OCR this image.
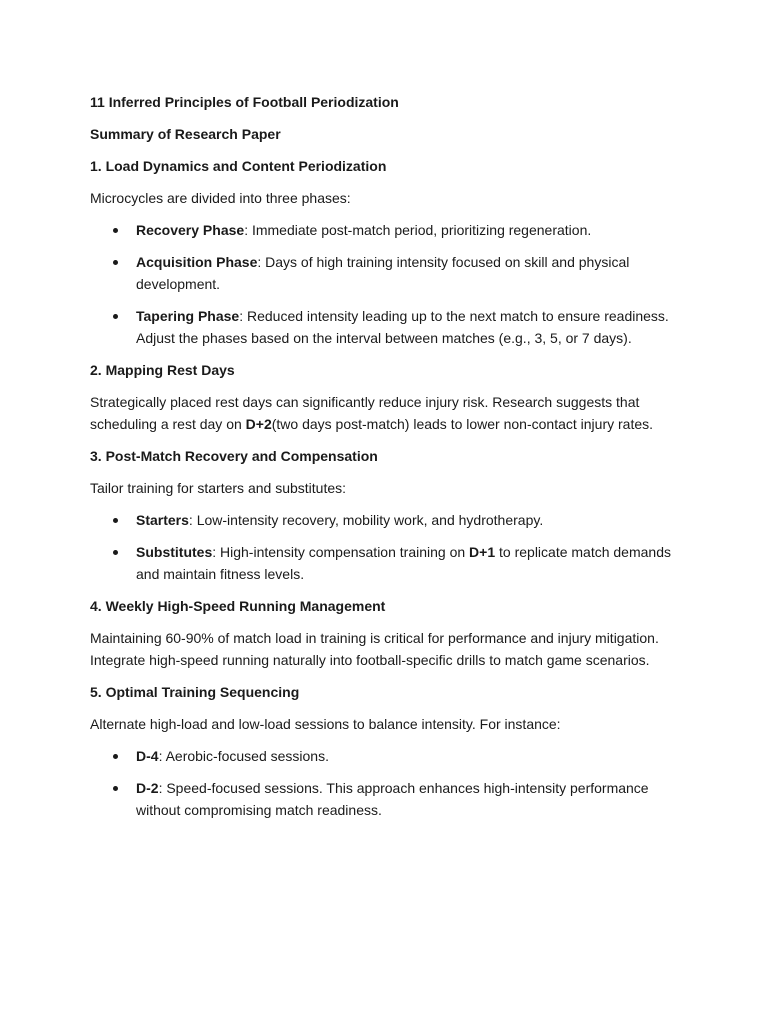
11 Inferred Principles of Football Periodization

Summary of Research Paper

1. Load Dynamics and Content Periodization

Microcycles are divided into three phases:

Recovery Phase: Immediate post-match period, prioritizing regeneration.
Acquisition Phase: Days of high training intensity focused on skill and physical development.
Tapering Phase: Reduced intensity leading up to the next match to ensure readiness. Adjust the phases based on the interval between matches (e.g., 3, 5, or 7 days).

2. Mapping Rest Days

Strategically placed rest days can significantly reduce injury risk. Research suggests that scheduling a rest day on D+2(two days post-match) leads to lower non-contact injury rates.

3. Post-Match Recovery and Compensation

Tailor training for starters and substitutes:

Starters: Low-intensity recovery, mobility work, and hydrotherapy.
Substitutes: High-intensity compensation training on D+1 to replicate match demands and maintain fitness levels.

4. Weekly High-Speed Running Management

Maintaining 60-90% of match load in training is critical for performance and injury mitigation. Integrate high-speed running naturally into football-specific drills to match game scenarios.

5. Optimal Training Sequencing

Alternate high-load and low-load sessions to balance intensity. For instance:

D-4: Aerobic-focused sessions.
D-2: Speed-focused sessions. This approach enhances high-intensity performance without compromising match readiness.
